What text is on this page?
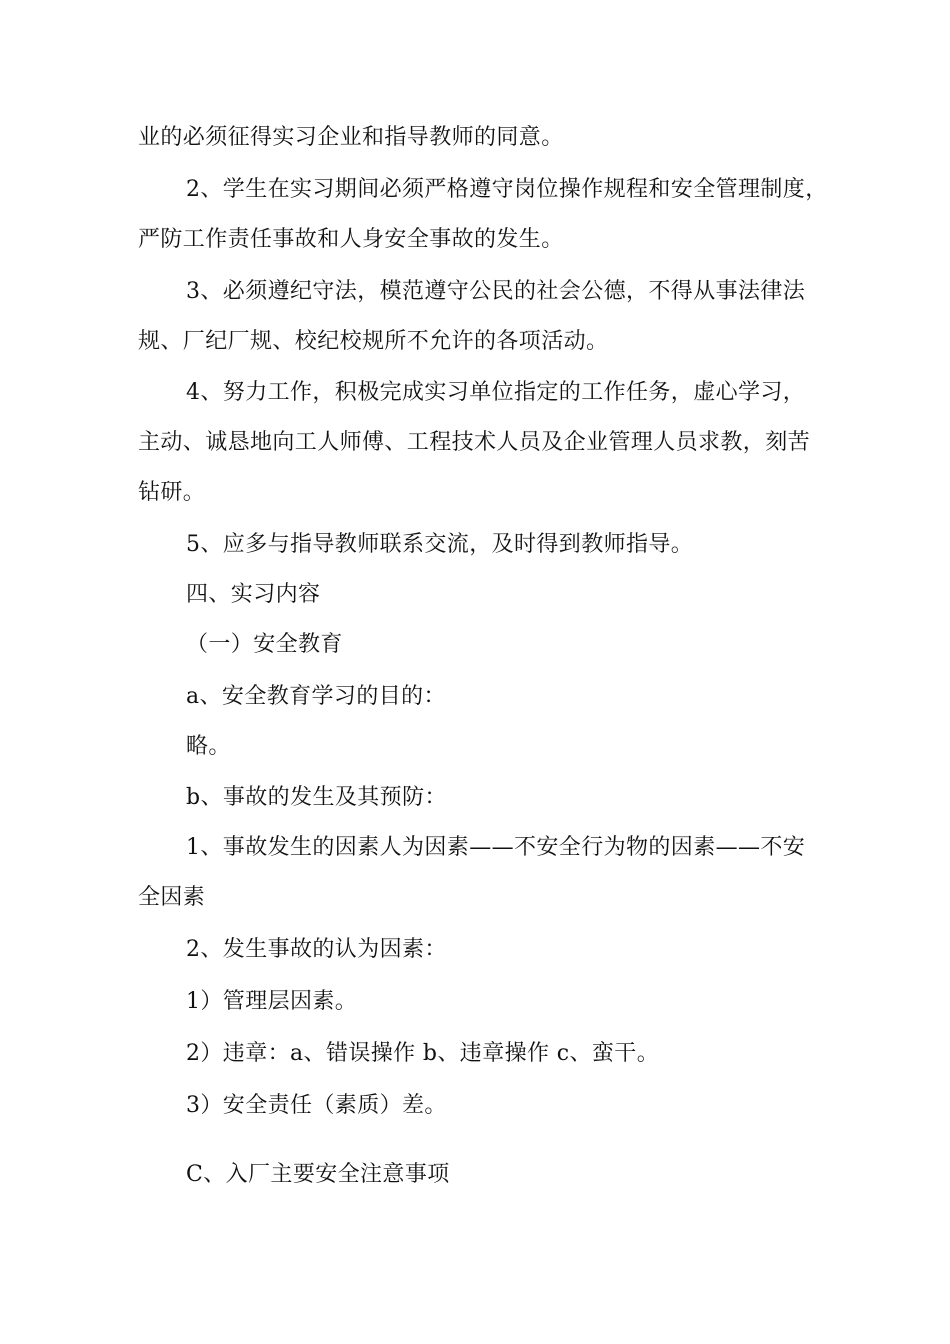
业的必须征得实习企业和指导教师的同意。
2、学生在实习期间必须严格遵守岗位操作规程和安全管理制度，
严防工作责任事故和人身安全事故的发生。
3、必须遵纪守法，模范遵守公民的社会公德，不得从事法律法
规、厂纪厂规、校纪校规所不允许的各项活动。
4、努力工作，积极完成实习单位指定的工作任务，虚心学习，
主动、诚恳地向工人师傅、工程技术人员及企业管理人员求教，刻苦
钻研。
5、应多与指导教师联系交流，及时得到教师指导。
四、实习内容
（一）安全教育
a、安全教育学习的目的：
略。
b、事故的发生及其预防：
1、事故发生的因素人为因素——不安全行为物的因素——不安
全因素
2、发生事故的认为因素：
1）管理层因素。
2）违章：a、错误操作 b、违章操作 c、蛮干。
3）安全责任（素质）差。
C、入厂主要安全注意事项
